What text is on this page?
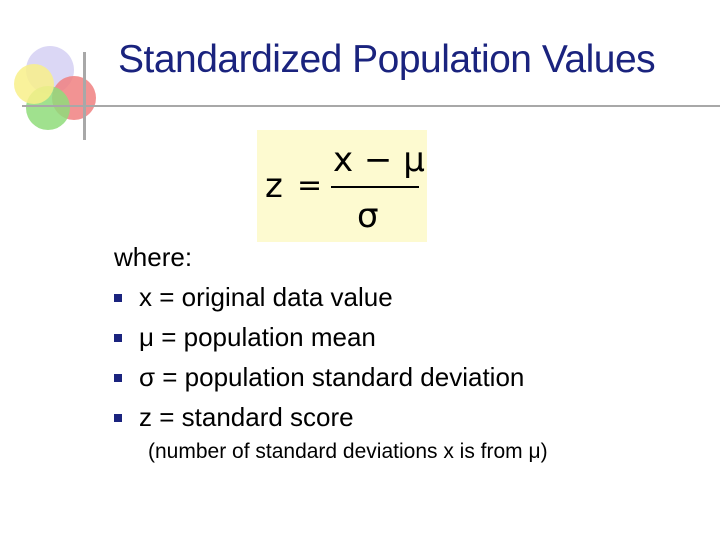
Standardized Population Values
z =
x − μ
σ
where:
x = original data value
μ = population mean
σ = population standard deviation
z = standard score
(number of standard deviations x is from μ)
